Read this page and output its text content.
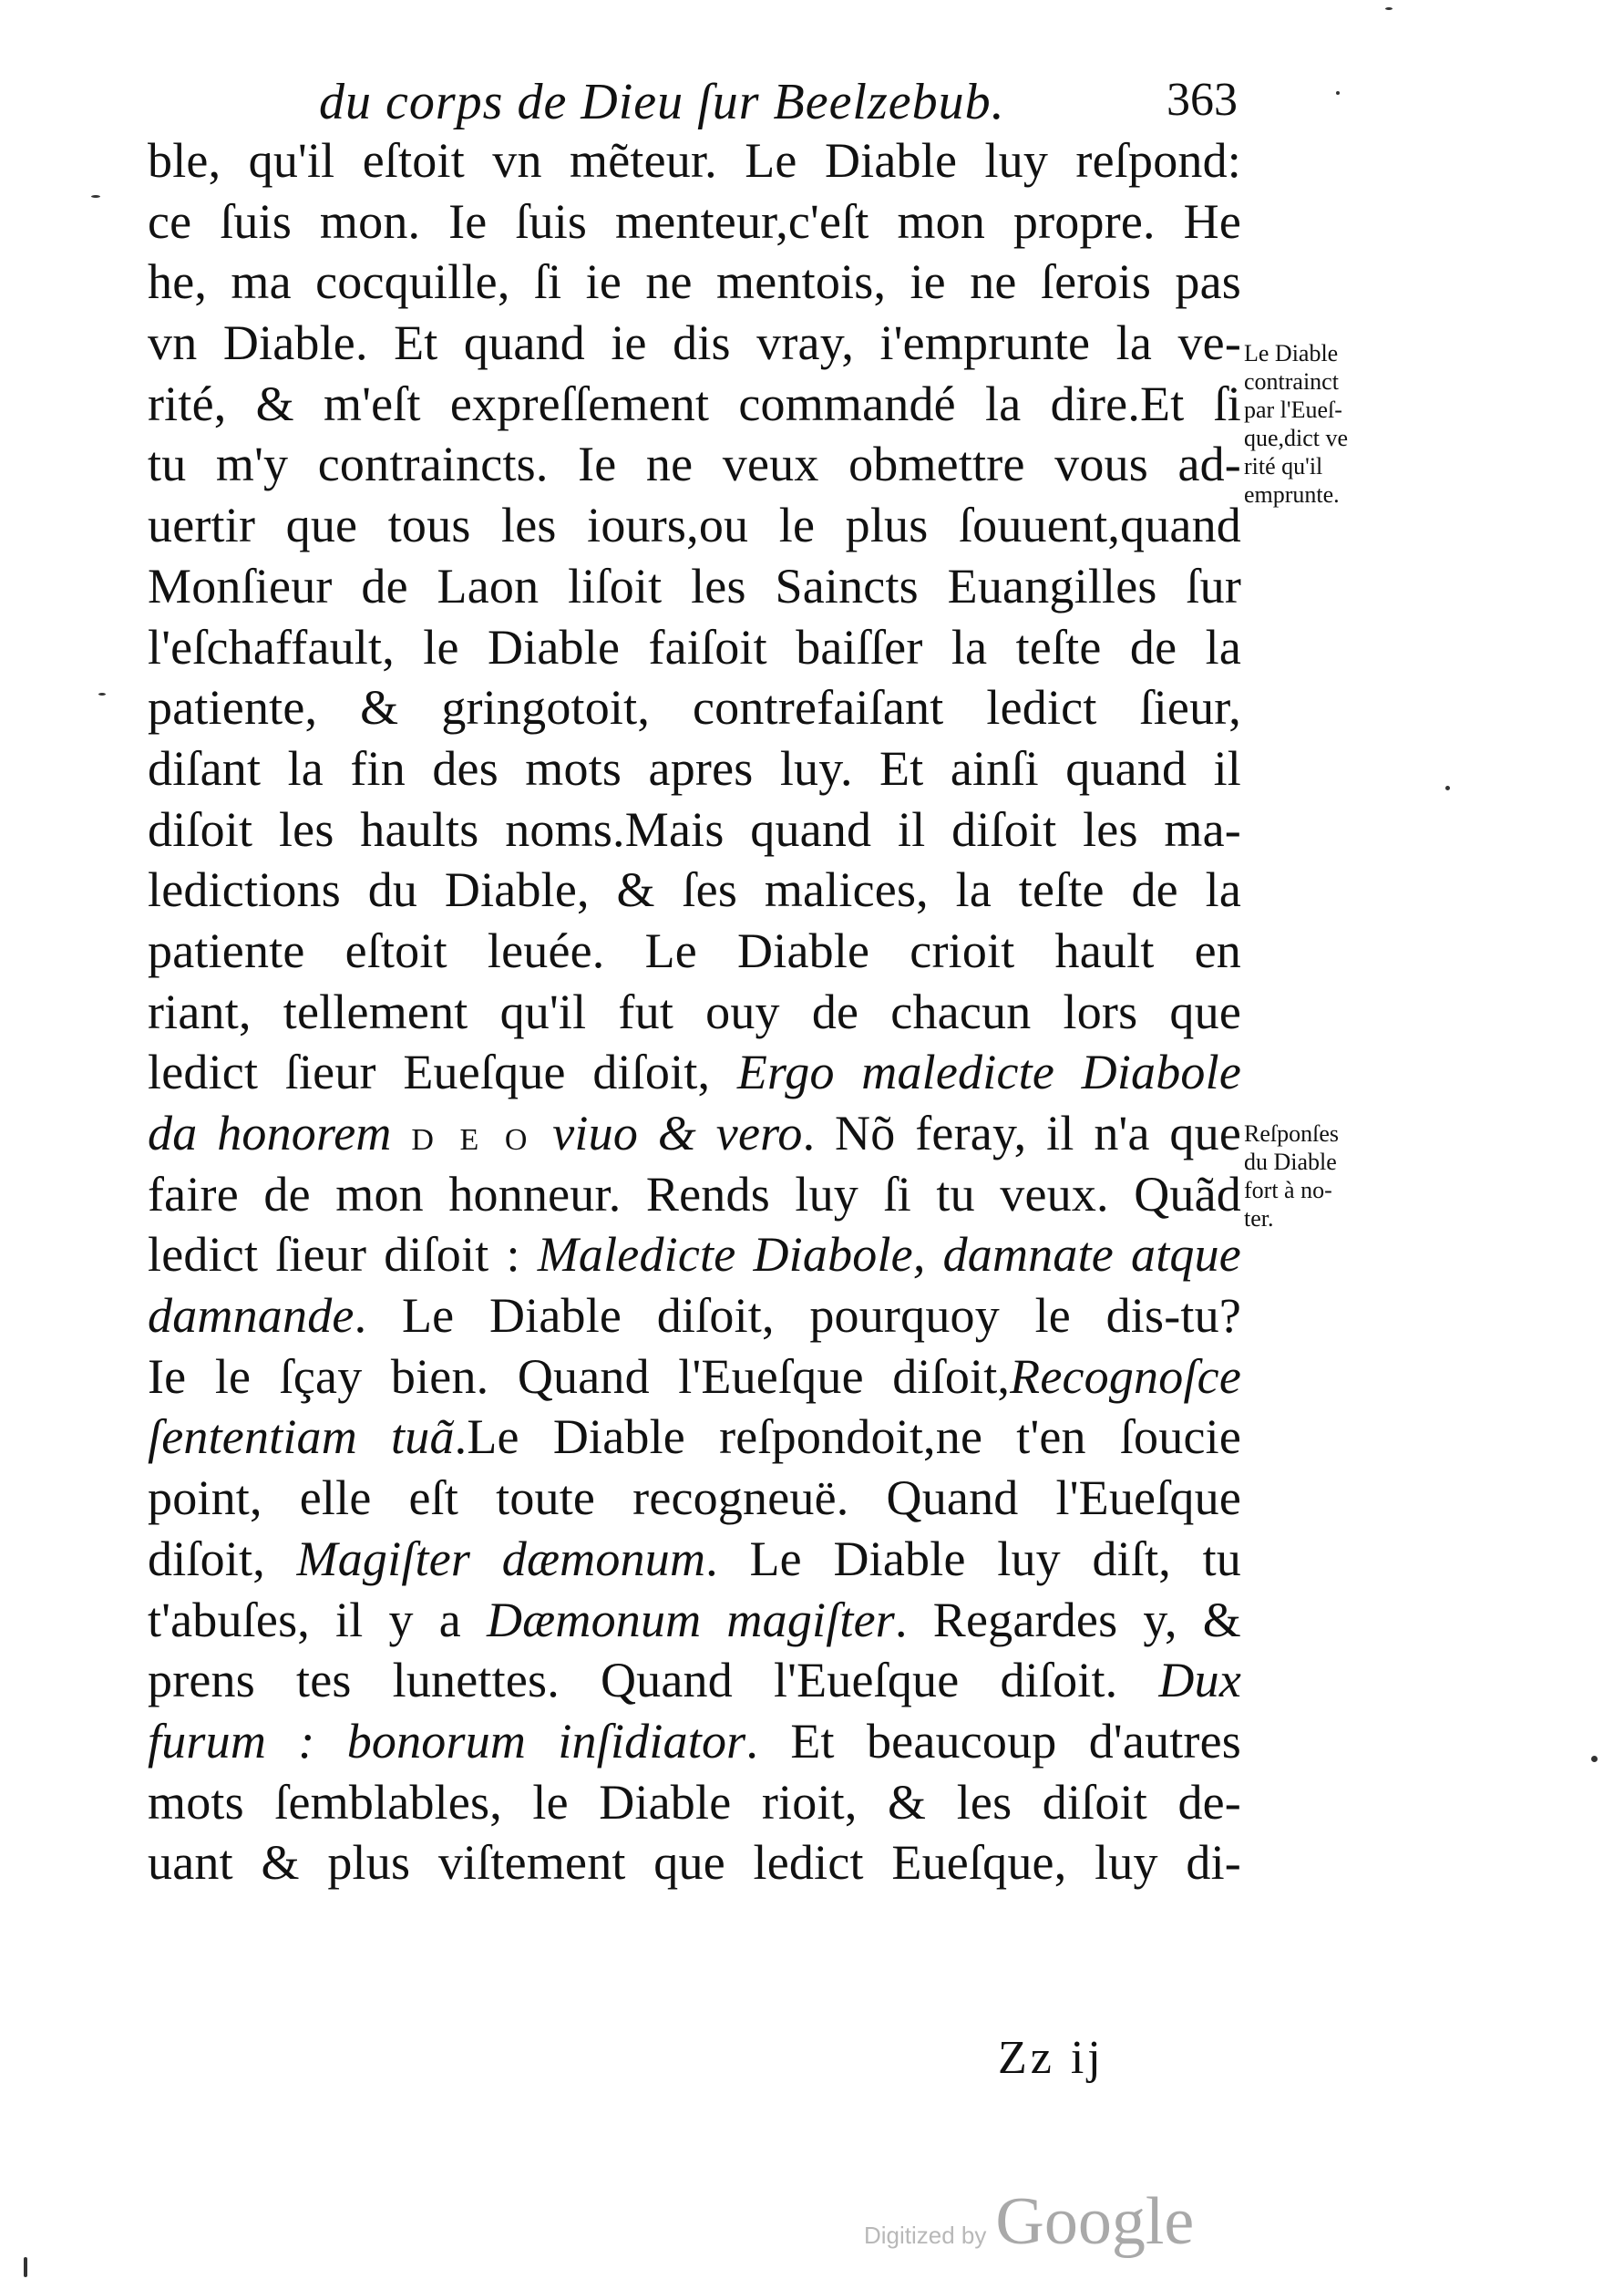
du corps de Dieu ſur Beelzebub.	363
ble, qu'il eſtoit vn mẽteur. Le Diable luy reſpond:
ce ſuis mon. Ie ſuis menteur,c'eſt mon propre. He
he, ma cocquille, ſi ie ne mentois, ie ne ſerois pas
vn Diable. Et quand ie dis vray, i'emprunte la ve-
rité, & m'eſt expreſſement commandé la dire.Et ſi
tu m'y contraincts. Ie ne veux obmettre vous ad-
uertir que tous les iours,ou le plus ſouuent,quand
Monſieur de Laon liſoit les Saincts Euangilles ſur
l'eſchaffault, le Diable faiſoit baiſſer la teſte de la
patiente, & gringotoit, contrefaiſant ledict ſieur,
diſant la fin des mots apres luy. Et ainſi quand il
diſoit les haults noms.Mais quand il diſoit les ma-
ledictions du Diable, & ſes malices, la teſte de la
patiente eſtoit leuée. Le Diable crioit hault en
riant, tellement qu'il fut ouy de chacun lors que
ledict ſieur Eueſque diſoit, Ergo maledicte Diabole
da honorem D E O viuo & vero. Nõ feray, il n'a que
faire de mon honneur. Rends luy ſi tu veux. Quãd
ledict ſieur diſoit : Maledicte Diabole, damnate atque
damnande. Le Diable diſoit, pourquoy le dis-tu?
Ie le ſçay bien. Quand l'Eueſque diſoit,Recognoſce
ſententiam tuã.Le Diable reſpondoit,ne t'en ſoucie
point, elle eſt toute recogneuë. Quand l'Eueſque
diſoit, Magiſter dæmonum. Le Diable luy diſt, tu
t'abuſes, il y a Dæmonum magiſter. Regardes y, &
prens tes lunettes. Quand l'Eueſque diſoit. Dux
furum : bonorum inſidiator. Et beaucoup d'autres
mots ſemblables, le Diable rioit, & les diſoit de-
uant & plus viſtement que ledict Eueſque, luy di-
Le Diable
contrainct
par l'Eueſ-
que,dict ve
rité qu'il
emprunte.
Reſponſes
du Diable
fort à no-
ter.
Zz ij
Digitized by Google
